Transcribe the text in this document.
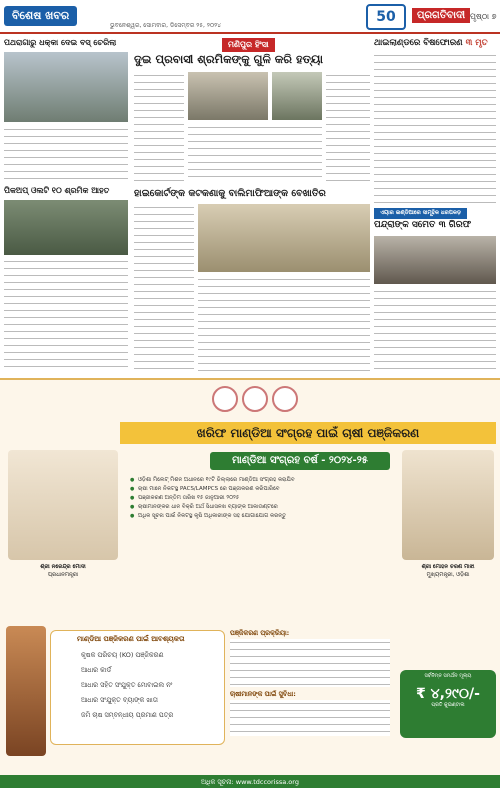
ବିଶେଷ ଖବର
ଭୁବନେଶ୍ୱର, ସୋମବାର, ଡିସେମ୍ବର ୨୫, ୨୦୨୪
50	ପ୍ରଗତିବାଦୀ ପୃଷ୍ଠା ୭
ପଥରାଗାରୁ ଧକ୍କା ଦେଇ ବସ୍ ଚେରିଲା
ପିକଅପ୍ ଓଲଟି ୧୦ ଶ୍ରମିକ ଆହତ
ମଣିପୁର ହିଂସା
ଦୁଇ ପ୍ରବାସୀ ଶ୍ରମିକଙ୍କୁ ଗୁଳି କରି ହତ୍ୟା
ହାଇକୋର୍ଟଙ୍କ କଟକଣାକୁ ବାଲିମାଫିଆଙ୍କ ବେଖାତିର
ଥାଇଲାଣ୍ଡରେ ବିଷଫୋରଣ ୩ ମୃତ
ଏୟାର ଇଣ୍ଡିଆରେ ସାମୂହିକ ଧରପକଡ଼
ପନ୍ଦ୍ରାଙ୍କ ସମେତ ୩ ଗିରଫ
ଖରିଫ ମାଣ୍ଡିଆ ସଂଗ୍ରହ ପାଇଁ ଚାଷୀ ପଞ୍ଜିକରଣ
ମାଣ୍ଡିଆ ସଂଗ୍ରହ ବର୍ଷ - ୨୦୨୪-୨୫
● ଓଡ଼ିଶା ମିଲେଟ୍ ମିଶନ ଅଧୀନରେ ୧୯ଟି ଜିଲ୍ଲାରେ ମାଣ୍ଡିଆ ସଂଗ୍ରହ କରାଯିବ
● ଚାଷୀ ମାନେ ନିକଟସ୍ଥ PACS/LAMPCS ରେ ପଞ୍ଜୀକରଣ କରିପାରିବେ
● ପଞ୍ଜୀକରଣ ଅନ୍ତିମ ତାରିଖ ୧୫ ଜାନୁଆରୀ ୨୦୨୫
● ଚାଷୀମାନଙ୍କର ଧାନ ବିକ୍ରି ଅର୍ଥ ସିଧାସଳଖ ବ୍ୟାଙ୍କ ଆକାଉଣ୍ଟରେ
● ଅଧିକ ସୂଚନା ପାଇଁ ନିକଟସ୍ଥ କୃଷି ଅଧିକାରୀଙ୍କ ସହ ଯୋଗାଯୋଗ କରନ୍ତୁ
ଶ୍ରୀ ନରେନ୍ଦ୍ର ମୋଦୀ
ପ୍ରଧାନମନ୍ତ୍ରୀ
ଶ୍ରୀ ମୋହନ ଚରଣ ମାଝୀ
ମୁଖ୍ୟମନ୍ତ୍ରୀ, ଓଡ଼ିଶା
ମାଣ୍ଡିଆ ପଞ୍ଜିକରଣ ପାଇଁ ଆବଶ୍ୟକତା
କୃଷକ ପରିଚୟ (KO) ପଞ୍ଜିକରଣ
ଆଧାର କାର୍ଡ
ଆଧାର ସହିତ ସଂଯୁକ୍ତ ମୋବାଇଲ ନଂ
ଆଧାର ସଂଯୁକ୍ତ ବ୍ୟାଙ୍କ ଖାତା
ଜମି ଚାଷ ସମ୍ବନ୍ଧୀୟ ପ୍ରମାଣ ପତ୍ର
ପଞ୍ଜିକରଣ ପ୍ରକ୍ରିୟା:
ଚାଷୀମାନଙ୍କ ପାଇଁ ସୁବିଧା:
ସର୍ବନିମ୍ନ ସମର୍ଥନ ମୂଲ୍ୟ
₹ ୪,୨୯୦/-
ପ୍ରତି କୁଇଣ୍ଟାଲ
ଅଧିକ ସୂଚନା: www.tdccorissa.org
